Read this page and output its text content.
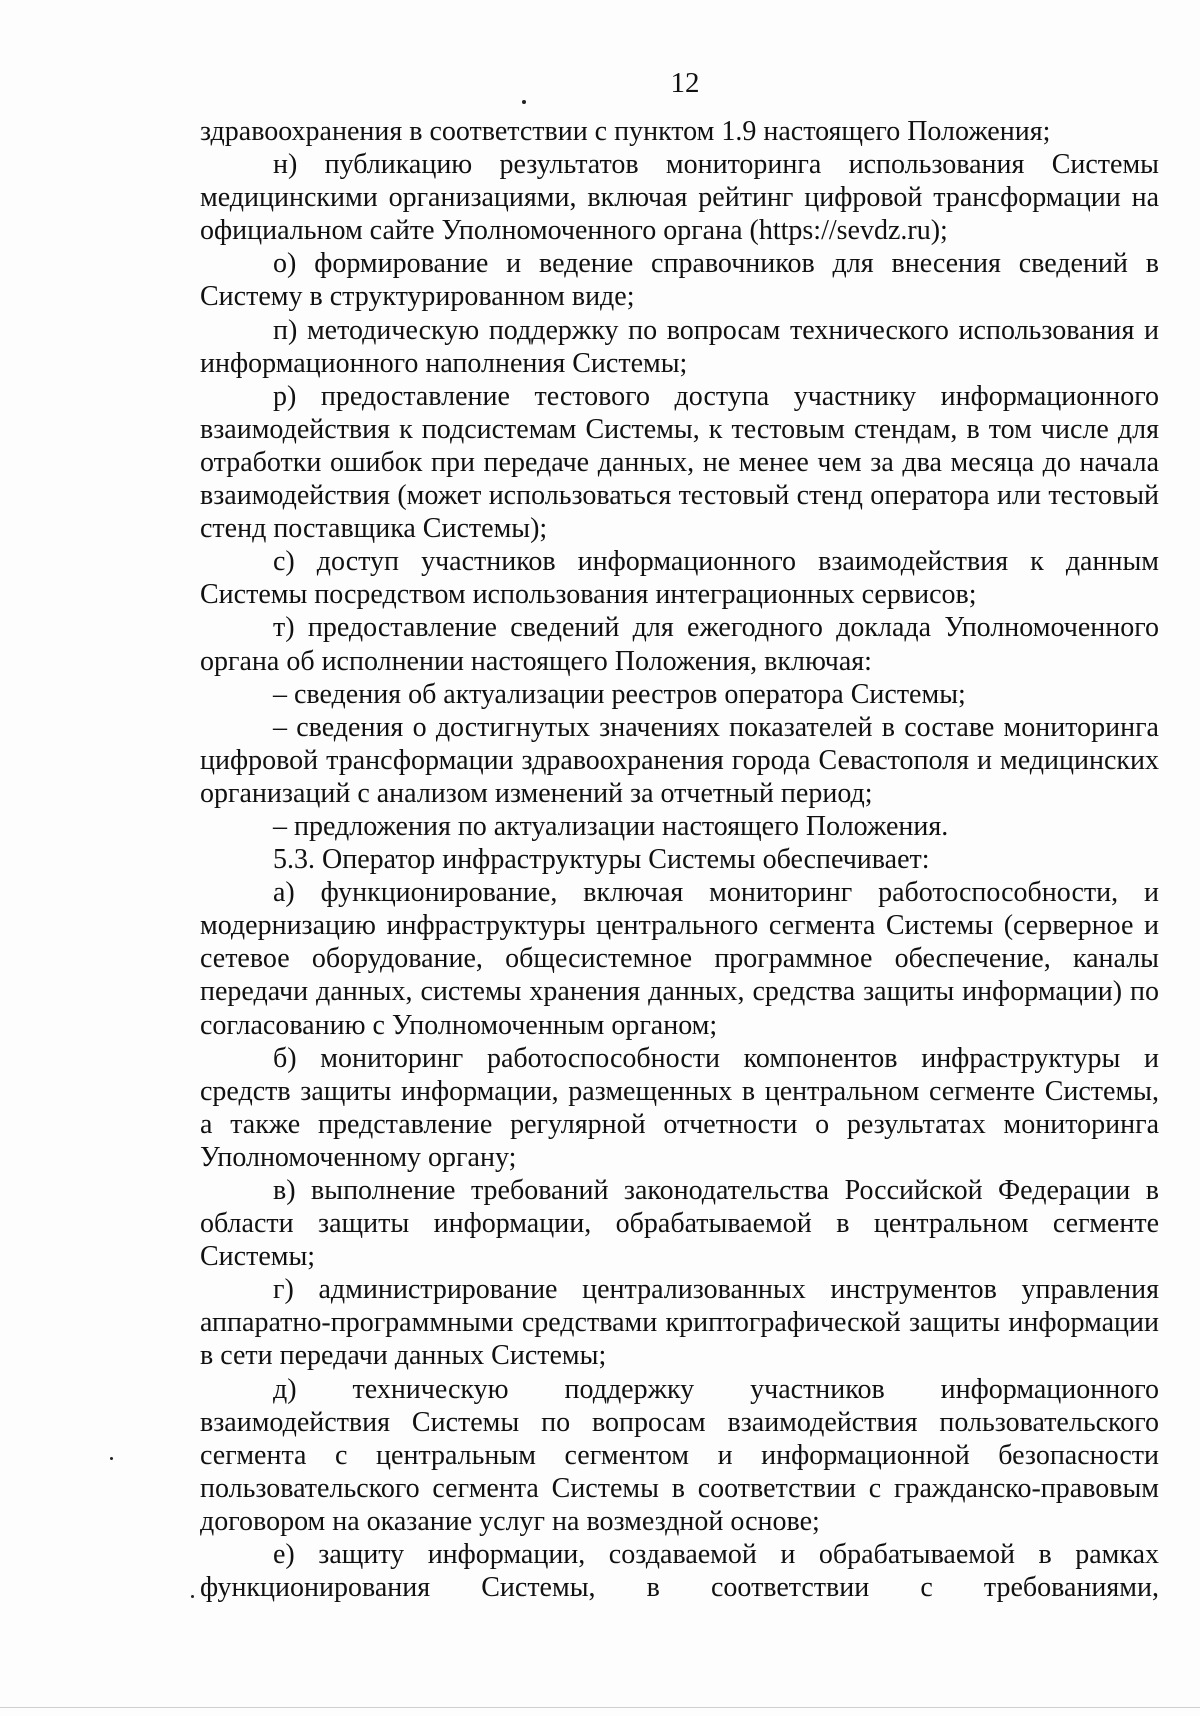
12

здравоохранения в соответствии с пунктом 1.9 настоящего Положения;

н) публикацию результатов мониторинга использования Системы медицинскими организациями, включая рейтинг цифровой трансформации на официальном сайте Уполномоченного органа (https://sevdz.ru);

о) формирование и ведение справочников для внесения сведений в Систему в структурированном виде;

п) методическую поддержку по вопросам технического использования и информационного наполнения Системы;

р) предоставление тестового доступа участнику информационного взаимодействия к подсистемам Системы, к тестовым стендам, в том числе для отработки ошибок при передаче данных, не менее чем за два месяца до начала взаимодействия (может использоваться тестовый стенд оператора или тестовый стенд поставщика Системы);

с) доступ участников информационного взаимодействия к данным Системы посредством использования интеграционных сервисов;

т) предоставление сведений для ежегодного доклада Уполномоченного органа об исполнении настоящего Положения, включая:

– сведения об актуализации реестров оператора Системы;

– сведения о достигнутых значениях показателей в составе мониторинга цифровой трансформации здравоохранения города Севастополя и медицинских организаций с анализом изменений за отчетный период;

– предложения по актуализации настоящего Положения.

5.3. Оператор инфраструктуры Системы обеспечивает:

а) функционирование, включая мониторинг работоспособности, и модернизацию инфраструктуры центрального сегмента Системы (серверное и сетевое оборудование, общесистемное программное обеспечение, каналы передачи данных, системы хранения данных, средства защиты информации) по согласованию с Уполномоченным органом;

б) мониторинг работоспособности компонентов инфраструктуры и средств защиты информации, размещенных в центральном сегменте Системы, а также представление регулярной отчетности о результатах мониторинга Уполномоченному органу;

в) выполнение требований законодательства Российской Федерации в области защиты информации, обрабатываемой в центральном сегменте Системы;

г) администрирование централизованных инструментов управления аппаратно-программными средствами криптографической защиты информации в сети передачи данных Системы;

д) техническую поддержку участников информационного взаимодействия Системы по вопросам взаимодействия пользовательского сегмента с центральным сегментом и информационной безопасности пользовательского сегмента Системы в соответствии с гражданско-правовым договором на оказание услуг на возмездной основе;

е) защиту информации, создаваемой и обрабатываемой в рамках функционирования Системы, в соответствии с требованиями,
